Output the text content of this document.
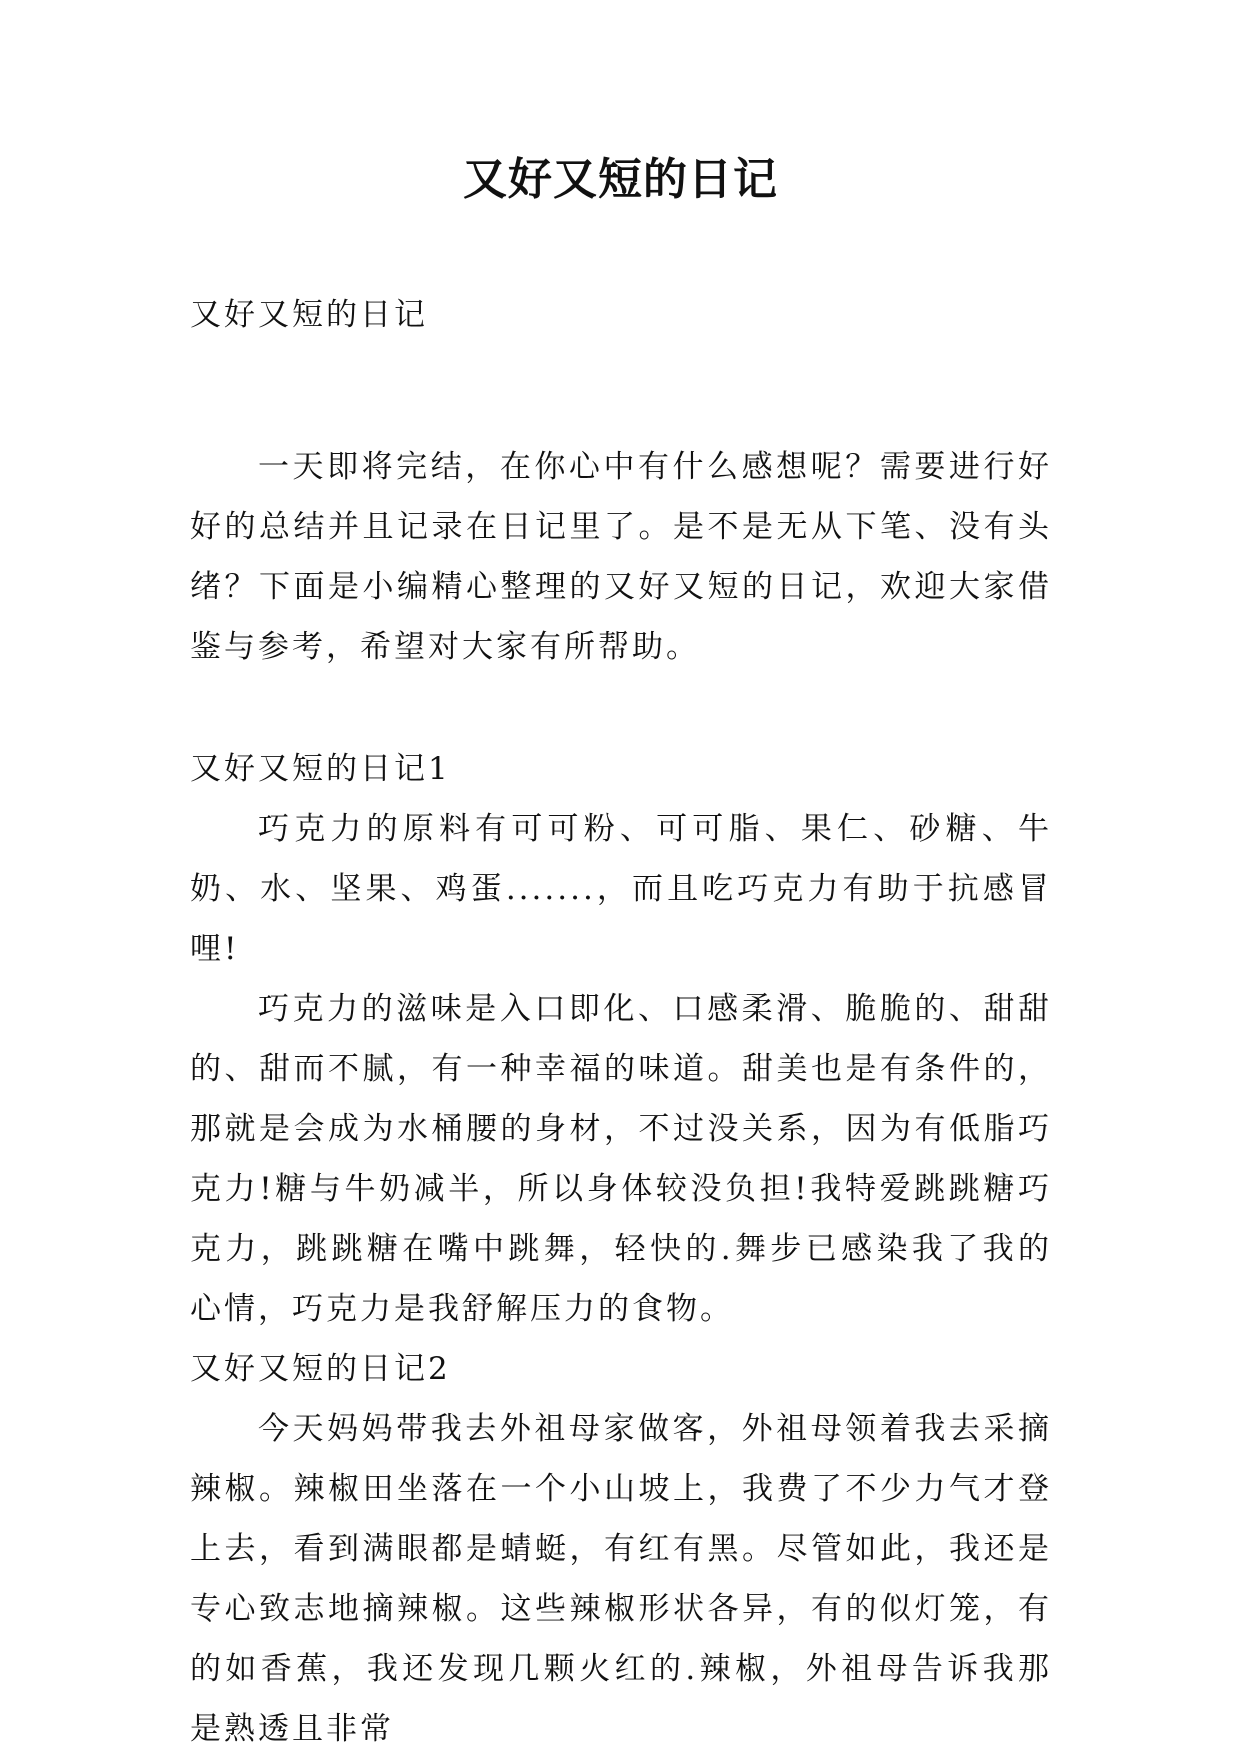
又好又短的日记

又好又短的日记

一天即将完结，在你心中有什么感想呢？需要进行好好的总结并且记录在日记里了。是不是无从下笔、没有头绪？下面是小编精心整理的又好又短的日记，欢迎大家借鉴与参考，希望对大家有所帮助。

又好又短的日记1

巧克力的原料有可可粉、可可脂、果仁、砂糖、牛奶、水、坚果、鸡蛋.......，而且吃巧克力有助于抗感冒哩!

巧克力的滋味是入口即化、口感柔滑、脆脆的、甜甜的、甜而不腻，有一种幸福的味道。甜美也是有条件的，那就是会成为水桶腰的身材，不过没关系，因为有低脂巧克力!糖与牛奶减半，所以身体较没负担!我特爱跳跳糖巧克力，跳跳糖在嘴中跳舞，轻快的.舞步已感染我了我的心情，巧克力是我舒解压力的食物。

又好又短的日记2

今天妈妈带我去外祖母家做客，外祖母领着我去采摘辣椒。辣椒田坐落在一个小山坡上，我费了不少力气才登上去，看到满眼都是蜻蜓，有红有黑。尽管如此，我还是专心致志地摘辣椒。这些辣椒形状各异，有的似灯笼，有的如香蕉，我还发现几颗火红的.辣椒，外祖母告诉我那是熟透且非常
